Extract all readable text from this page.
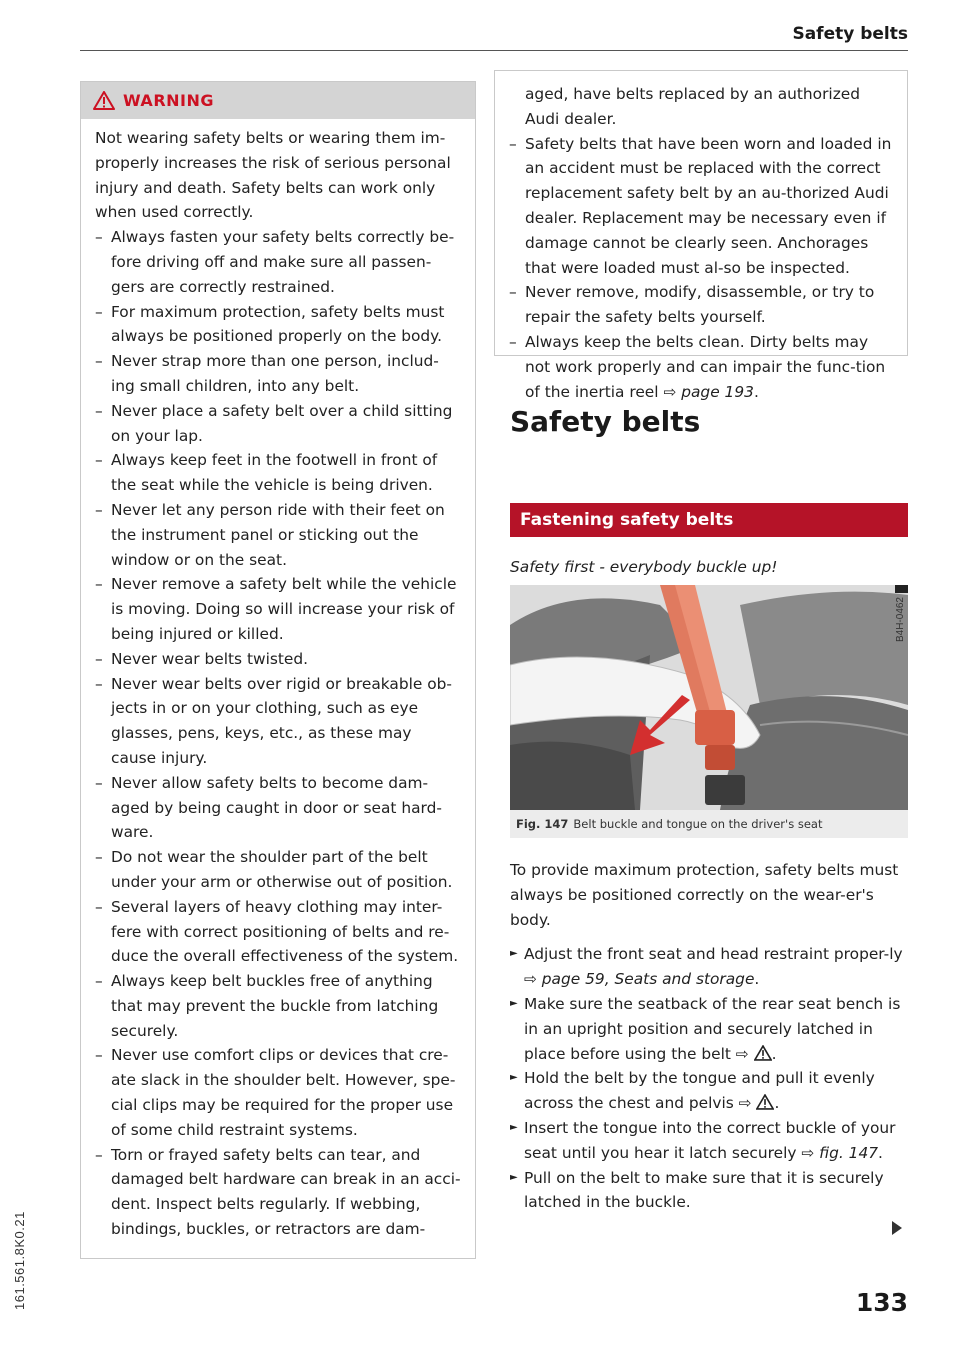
Safety belts
161.561.8K0.21
WARNING

Not wearing safety belts or wearing them im-properly increases the risk of serious personal injury and death. Safety belts can work only when used correctly.

– Always fasten your safety belts correctly be-fore driving off and make sure all passen-gers are correctly restrained.
– For maximum protection, safety belts must always be positioned properly on the body.
– Never strap more than one person, includ-ing small children, into any belt.
– Never place a safety belt over a child sitting on your lap.
– Always keep feet in the footwell in front of the seat while the vehicle is being driven.
– Never let any person ride with their feet on the instrument panel or sticking out the window or on the seat.
– Never remove a safety belt while the vehicle is moving. Doing so will increase your risk of being injured or killed.
– Never wear belts twisted.
– Never wear belts over rigid or breakable ob-jects in or on your clothing, such as eye glasses, pens, keys, etc., as these may cause injury.
– Never allow safety belts to become dam-aged by being caught in door or seat hard-ware.
– Do not wear the shoulder part of the belt under your arm or otherwise out of position.
– Several layers of heavy clothing may inter-fere with correct positioning of belts and re-duce the overall effectiveness of the system.
– Always keep belt buckles free of anything that may prevent the buckle from latching securely.
– Never use comfort clips or devices that cre-ate slack in the shoulder belt. However, spe-cial clips may be required for the proper use of some child restraint systems.
– Torn or frayed safety belts can tear, and damaged belt hardware can break in an acci-dent. Inspect belts regularly. If webbing, bindings, buckles, or retractors are dam-

aged, have belts replaced by an authorized Audi dealer.

– Safety belts that have been worn and loaded in an accident must be replaced with the correct replacement safety belt by an au-thorized Audi dealer. Replacement may be necessary even if damage cannot be clearly seen. Anchorages that were loaded must al-so be inspected.
– Never remove, modify, disassemble, or try to repair the safety belts yourself.
– Always keep the belts clean. Dirty belts may not work properly and can impair the func-tion of the inertia reel ⇨ page 193.
Safety belts
Fastening safety belts
Safety first - everybody buckle up!
B4H-0462
Fig. 147 Belt buckle and tongue on the driver's seat

To provide maximum protection, safety belts must always be positioned correctly on the wear-er's body.

► Adjust the front seat and head restraint proper-ly ⇨ page 59, Seats and storage.
► Make sure the seatback of the rear seat bench is in an upright position and securely latched in place before using the belt ⇨ .
► Hold the belt by the tongue and pull it evenly across the chest and pelvis ⇨ .
► Insert the tongue into the correct buckle of your seat until you hear it latch securely ⇨ fig. 147.
► Pull on the belt to make sure that it is securely latched in the buckle.
133
